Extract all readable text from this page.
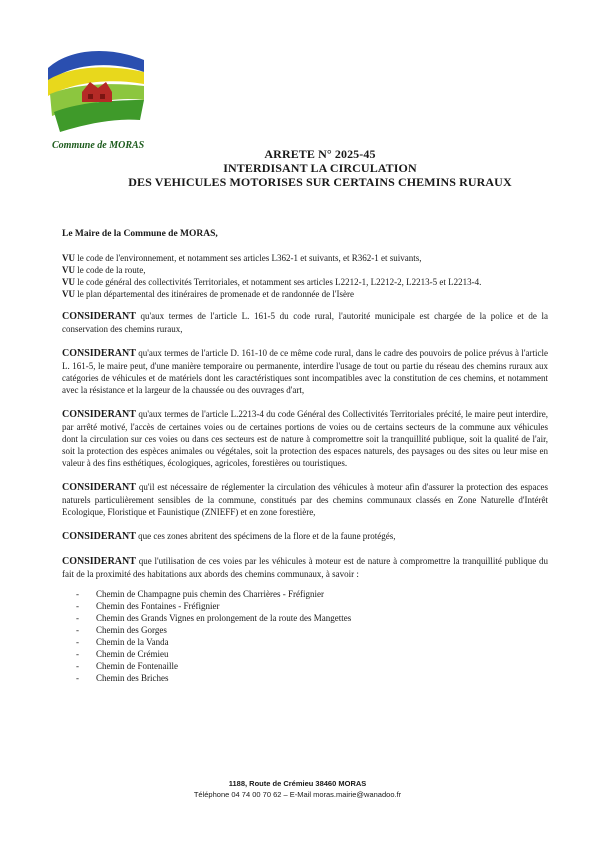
Commune de MORAS
ARRETE N° 2025-45
INTERDISANT LA CIRCULATION
DES VEHICULES MOTORISES SUR CERTAINS CHEMINS RURAUX
Le Maire de la Commune de MORAS,

VU le code de l'environnement, et notamment ses articles L362-1 et suivants, et R362-1 et suivants,

VU le code de la route,

VU le code général des collectivités Territoriales, et notamment ses articles L2212-1, L2212-2, L2213-5 et L2213-4.

VU le plan départemental des itinéraires de promenade et de randonnée de l'Isère

CONSIDERANT qu'aux termes de l'article L. 161-5 du code rural, l'autorité municipale est chargée de la police et de la conservation des chemins ruraux,

CONSIDERANT qu'aux termes de l'article D. 161-10 de ce même code rural, dans le cadre des pouvoirs de police prévus à l'article L. 161-5, le maire peut, d'une manière temporaire ou permanente, interdire l'usage de tout ou partie du réseau des chemins ruraux aux catégories de véhicules et de matériels dont les caractéristiques sont incompatibles avec la constitution de ces chemins, et notamment avec la résistance et la largeur de la chaussée ou des ouvrages d'art,

CONSIDERANT qu'aux termes de l'article L.2213-4 du code Général des Collectivités Territoriales précité, le maire peut interdire, par arrêté motivé, l'accès de certaines voies ou de certaines portions de voies ou de certains secteurs de la commune aux véhicules dont la circulation sur ces voies ou dans ces secteurs est de nature à compromettre soit la tranquillité publique, soit la qualité de l'air, soit la protection des espèces animales ou végétales, soit la protection des espaces naturels, des paysages ou des sites ou leur mise en valeur à des fins esthétiques, écologiques, agricoles, forestières ou touristiques.

CONSIDERANT qu'il est nécessaire de réglementer la circulation des véhicules à moteur afin d'assurer la protection des espaces naturels particulièrement sensibles de la commune, constitués par des chemins communaux classés en Zone Naturelle d'Intérêt Ecologique, Floristique et Faunistique (ZNIEFF) et en zone forestière,

CONSIDERANT que ces zones abritent des spécimens de la flore et de la faune protégés,

CONSIDERANT que l'utilisation de ces voies par les véhicules à moteur est de nature à compromettre la tranquillité publique du fait de la proximité des habitations aux abords des chemins communaux, à savoir :

- Chemin de Champagne puis chemin des Charrières - Fréfignier
- Chemin des Fontaines - Fréfignier
- Chemin des Grands Vignes en prolongement de la route des Mangettes
- Chemin des Gorges
- Chemin de la Vanda
- Chemin de Crémieu
- Chemin de Fontenaille
- Chemin des Briches
1188, Route de Crémieu 38460 MORAS
Téléphone 04 74 00 70 62 – E-Mail moras.mairie@wanadoo.fr
